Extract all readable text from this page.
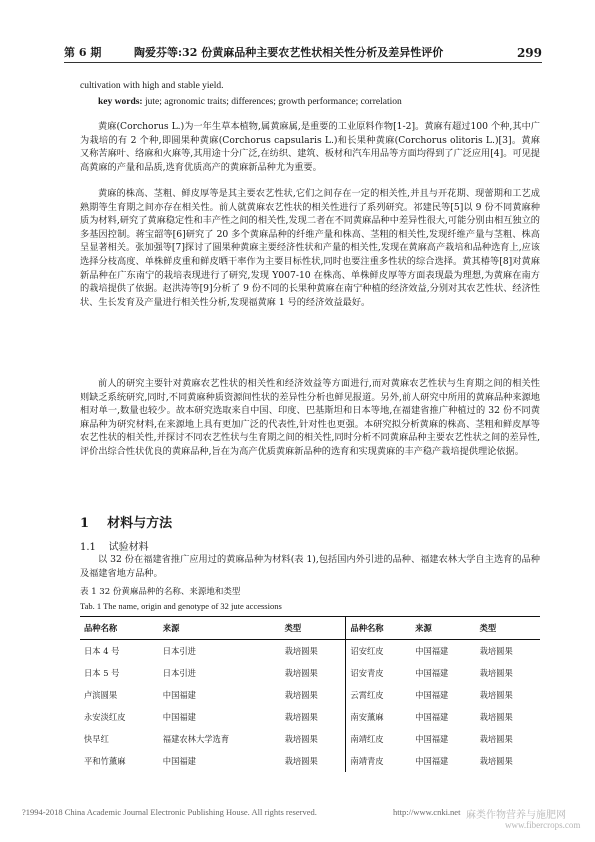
第 6 期	陶爱芬等:32 份黄麻品种主要农艺性状相关性分析及差异性评价	299
cultivation with high and stable yield.
key words: jute; agronomic traits; differences; growth performance; correlation
黄麻(Corchorus L.)为一年生草本植物,属黄麻属,是重要的工业原料作物[1-2]。黄麻有超过100 个种,其中广为栽培的有 2 个种,即圆果种黄麻(Corchorus capsularis L.)和长果种黄麻(Corchorus olitoris L.)[3]。黄麻又称苦麻叶、络麻和火麻等,其用途十分广泛,在纺织、建筑、板材和汽车用品等方面均得到了广泛应用[4]。可见提高黄麻的产量和品质,选育优质高产的黄麻新品种尤为重要。
黄麻的株高、茎粗、鲜皮厚等是其主要农艺性状,它们之间存在一定的相关性,并且与开花期、现蕾期和工艺成熟期等生育期之间亦存在相关性。前人就黄麻农艺性状的相关性进行了系列研究。祁建民等[5]以 9 份不同黄麻种质为材料,研究了黄麻稳定性和丰产性之间的相关性,发现二者在不同黄麻品种中差异性很大,可能分别由相互独立的多基因控制。蒋宝韶等[6]研究了 20 多个黄麻品种的纤维产量和株高、茎粗的相关性,发现纤维产量与茎粗、株高呈显著相关。张加强等[7]探讨了圆果种黄麻主要经济性状和产量的相关性,发现在黄麻高产栽培和品种选育上,应该选择分枝高度、单株鲜皮重和鲜皮晒干率作为主要目标性状,同时也要注重多性状的综合选择。黄其椿等[8]对黄麻新品种在广东南宁的栽培表现进行了研究,发现 Y007-10 在株高、单株鲜皮厚等方面表现最为理想,为黄麻在南方的栽培提供了依据。赵洪涛等[9]分析了 9 份不同的长果种黄麻在南宁种植的经济效益,分别对其农艺性状、经济性状、生长发育及产量进行相关性分析,发现福黄麻 1 号的经济效益最好。
前人的研究主要针对黄麻农艺性状的相关性和经济效益等方面进行,而对黄麻农艺性状与生育期之间的相关性则缺乏系统研究,同时,不同黄麻种质资源间性状的差异性分析也鲜见报道。另外,前人研究中所用的黄麻品种来源地相对单一,数量也较少。故本研究选取来自中国、印度、巴基斯坦和日本等地,在福建省推广种植过的 32 份不同黄麻品种为研究材料,在来源地上具有更加广泛的代表性,针对性也更强。本研究拟分析黄麻的株高、茎粗和鲜皮厚等农艺性状的相关性,并探讨不同农艺性状与生育期之间的相关性,同时分析不同黄麻品种主要农艺性状之间的差异性,评价出综合性状优良的黄麻品种,旨在为高产优质黄麻新品种的选育和实现黄麻的丰产稳产栽培提供理论依据。
1 材料与方法
1.1 试验材料
以 32 份在福建省推广应用过的黄麻品种为材料(表 1),包括国内外引进的品种、福建农林大学自主选育的品种及福建省地方品种。
表 1 32 份黄麻品种的名称、来源地和类型
Tab. 1 The name, origin and genotype of 32 jute accessions
品种名称	来源	类型	品种名称	来源	类型
日本 4 号	日本引进	栽培圆果	诏安红皮	中国福建	栽培圆果
日本 5 号	日本引进	栽培圆果	诏安青皮	中国福建	栽培圆果
卢滨圆果	中国福建	栽培圆果	云霄红皮	中国福建	栽培圆果
永安淡红皮	中国福建	栽培圆果	南安薰麻	中国福建	栽培圆果
快早红	福建农林大学选育	栽培圆果	南靖红皮	中国福建	栽培圆果
平和竹薰麻	中国福建	栽培圆果	南靖青皮	中国福建	栽培圆果
?1994-2018 China Academic Journal Electronic Publishing House. All rights reserved.	http://www.cnki.net 麻类作物营养与施肥网
www.fibercrops.com
